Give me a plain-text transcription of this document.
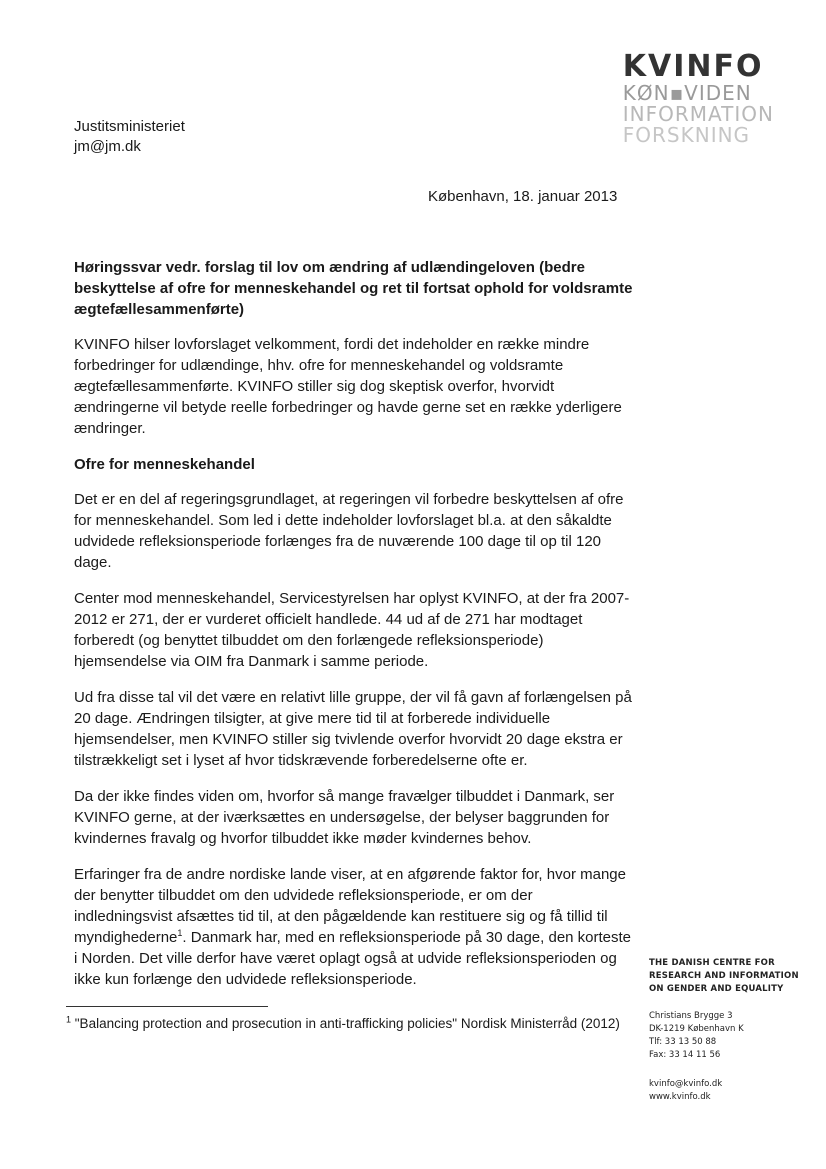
KVINFO
KØN▪VIDEN
INFORMATION
FORSKNING
Justitsministeriet
jm@jm.dk
København, 18. januar 2013

Høringssvar vedr. forslag til lov om ændring af udlændingeloven (bedre beskyttelse af ofre for menneskehandel og ret til fortsat ophold for voldsramte ægtefællesammenførte)

KVINFO hilser lovforslaget velkomment, fordi det indeholder en række mindre forbedringer for udlændinge, hhv. ofre for menneskehandel og voldsramte ægtefællesammenførte. KVINFO stiller sig dog skeptisk overfor, hvorvidt ændringerne vil betyde reelle forbedringer og havde gerne set en række yderligere ændringer.

Ofre for menneskehandel

Det er en del af regeringsgrundlaget, at regeringen vil forbedre beskyttelsen af ofre for menneskehandel. Som led i dette indeholder lovforslaget bl.a. at den såkaldte udvidede refleksionsperiode forlænges fra de nuværende 100 dage til op til 120 dage.

Center mod menneskehandel, Servicestyrelsen har oplyst KVINFO, at der fra 2007-2012 er 271, der er vurderet officielt handlede. 44 ud af de 271 har modtaget forberedt (og benyttet tilbuddet om den forlængede refleksionsperiode) hjemsendelse via OIM fra Danmark i samme periode.

Ud fra disse tal vil det være en relativt lille gruppe, der vil få gavn af forlængelsen på 20 dage. Ændringen tilsigter, at give mere tid til at forberede individuelle hjemsendelser, men KVINFO stiller sig tvivlende overfor hvorvidt 20 dage ekstra er tilstrækkeligt set i lyset af hvor tidskrævende forberedelserne ofte er.

Da der ikke findes viden om, hvorfor så mange fravælger tilbuddet i Danmark, ser KVINFO gerne, at der iværksættes en undersøgelse, der belyser baggrunden for kvindernes fravalg og hvorfor tilbuddet ikke møder kvindernes behov.

Erfaringer fra de andre nordiske lande viser, at en afgørende faktor for, hvor mange der benytter tilbuddet om den udvidede refleksionsperiode, er om der indledningsvist afsættes tid til, at den pågældende kan restituere sig og få tillid til myndighederne$^1$. Danmark har, med en refleksionsperiode på 30 dage, den korteste i Norden. Det ville derfor have været oplagt også at udvide refleksionsperioden og ikke kun forlænge den udvidede refleksionsperiode.

$^1$ "Balancing protection and prosecution in anti-trafficking policies" Nordisk Ministerråd (2012)
THE DANISH CENTRE FOR
RESEARCH AND INFORMATION
ON GENDER AND EQUALITY
Christians Brygge 3
DK-1219 København K
Tlf: 33 13 50 88
Fax: 33 14 11 56
kvinfo@kvinfo.dk
www.kvinfo.dk
